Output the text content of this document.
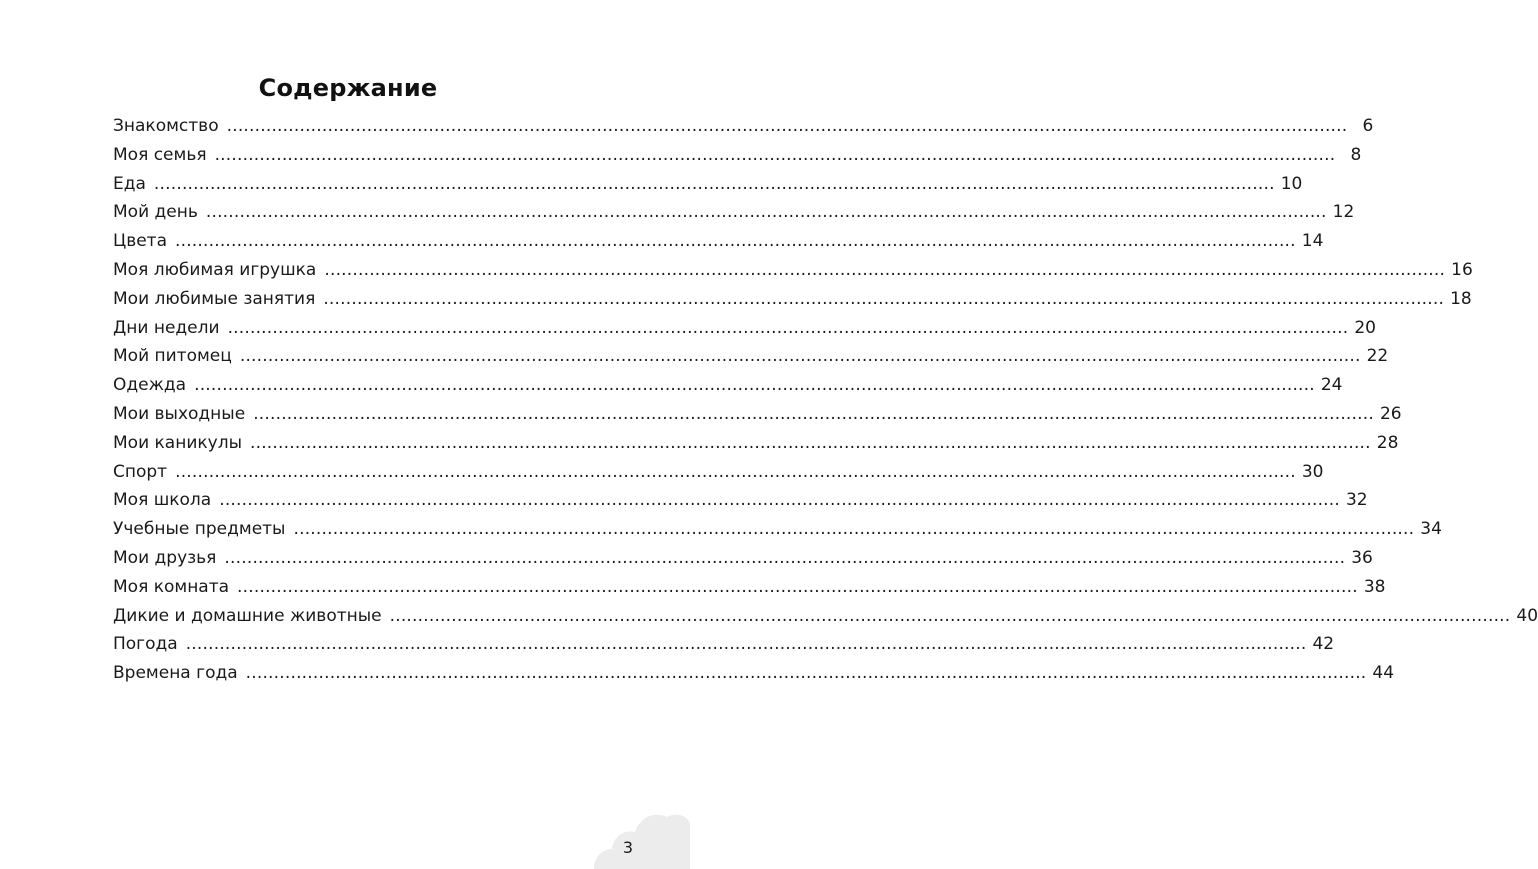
Содержание
Знакомство ........................................................................................................................................................................................................ 6
Моя семья ........................................................................................................................................................................................................ 8
Еда ........................................................................................................................................................................................................ 10
Мой день ........................................................................................................................................................................................................ 12
Цвета ........................................................................................................................................................................................................ 14
Моя любимая игрушка ........................................................................................................................................................................................................ 16
Мои любимые занятия ........................................................................................................................................................................................................ 18
Дни недели ........................................................................................................................................................................................................ 20
Мой питомец ........................................................................................................................................................................................................ 22
Одежда ........................................................................................................................................................................................................ 24
Мои выходные ........................................................................................................................................................................................................ 26
Мои каникулы ........................................................................................................................................................................................................ 28
Спорт ........................................................................................................................................................................................................ 30
Моя школа ........................................................................................................................................................................................................ 32
Учебные предметы ........................................................................................................................................................................................................ 34
Мои друзья ........................................................................................................................................................................................................ 36
Моя комната ........................................................................................................................................................................................................ 38
Дикие и домашние животные ........................................................................................................................................................................................................ 40
Погода ........................................................................................................................................................................................................ 42
Времена года ........................................................................................................................................................................................................ 44
3
